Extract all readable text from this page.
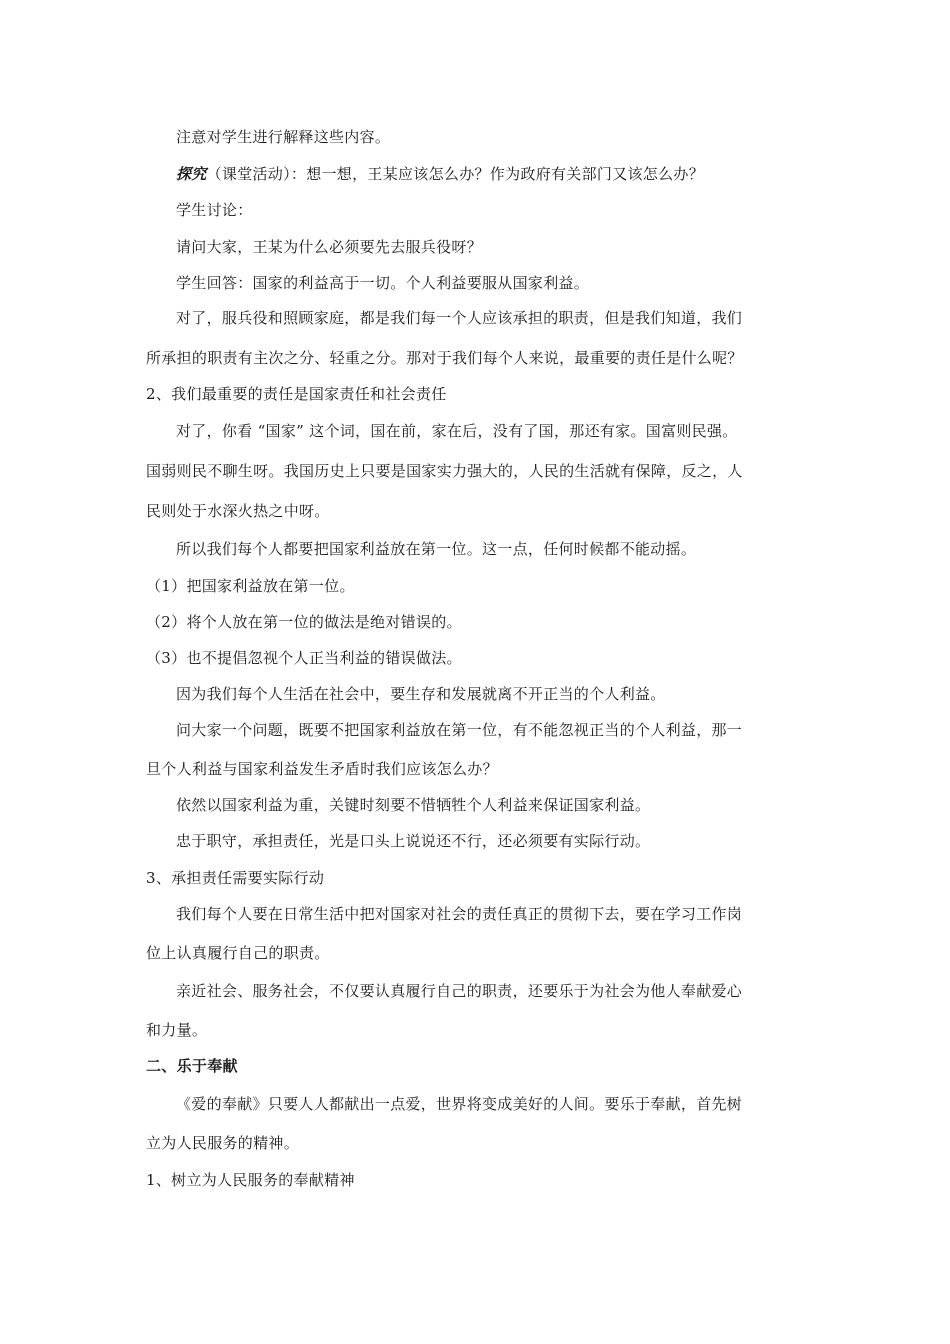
注意对学生进行解释这些内容。
探究（课堂活动）：想一想，王某应该怎么办？作为政府有关部门又该怎么办？
学生讨论：
请问大家，王某为什么必须要先去服兵役呀？
学生回答：国家的利益高于一切。个人利益要服从国家利益。
对了，服兵役和照顾家庭，都是我们每一个人应该承担的职责，但是我们知道，我们
所承担的职责有主次之分、轻重之分。那对于我们每个人来说，最重要的责任是什么呢？
2、我们最重要的责任是国家责任和社会责任
对了，你看 “国家” 这个词，国在前，家在后，没有了国，那还有家。国富则民强。
国弱则民不聊生呀。我国历史上只要是国家实力强大的，人民的生活就有保障，反之，人
民则处于水深火热之中呀。
所以我们每个人都要把国家利益放在第一位。这一点，任何时候都不能动摇。
（1）把国家利益放在第一位。
（2）将个人放在第一位的做法是绝对错误的。
（3）也不提倡忽视个人正当利益的错误做法。
因为我们每个人生活在社会中，要生存和发展就离不开正当的个人利益。
问大家一个问题，既要不把国家利益放在第一位，有不能忽视正当的个人利益，那一
旦个人利益与国家利益发生矛盾时我们应该怎么办？
依然以国家利益为重，关键时刻要不惜牺牲个人利益来保证国家利益。
忠于职守，承担责任，光是口头上说说还不行，还必须要有实际行动。
3、承担责任需要实际行动
我们每个人要在日常生活中把对国家对社会的责任真正的贯彻下去，要在学习工作岗
位上认真履行自己的职责。
亲近社会、服务社会，不仅要认真履行自己的职责，还要乐于为社会为他人奉献爱心
和力量。
二、乐于奉献
《爱的奉献》只要人人都献出一点爱，世界将变成美好的人间。要乐于奉献，首先树
立为人民服务的精神。
1、树立为人民服务的奉献精神
